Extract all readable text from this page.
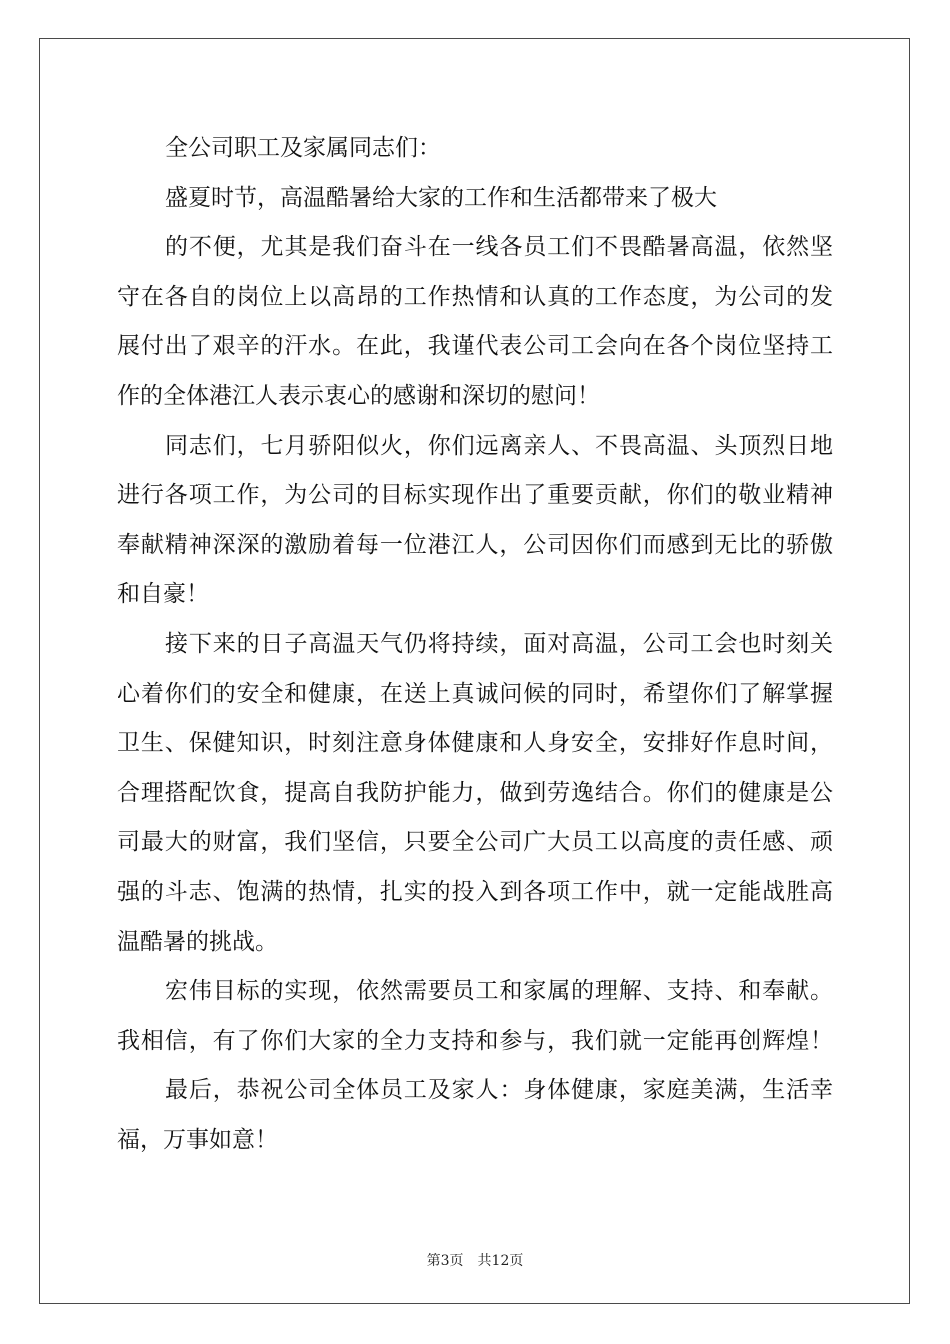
全公司职工及家属同志们：
盛夏时节，高温酷暑给大家的工作和生活都带来了极大
的不便，尤其是我们奋斗在一线各员工们不畏酷暑高温，依然坚
守在各自的岗位上以高昂的工作热情和认真的工作态度，为公司的发
展付出了艰辛的汗水。在此，我谨代表公司工会向在各个岗位坚持工
作的全体港江人表示衷心的感谢和深切的慰问！
同志们，七月骄阳似火，你们远离亲人、不畏高温、头顶烈日地
进行各项工作，为公司的目标实现作出了重要贡献，你们的敬业精神
奉献精神深深的激励着每一位港江人，公司因你们而感到无比的骄傲
和自豪！
接下来的日子高温天气仍将持续，面对高温，公司工会也时刻关
心着你们的安全和健康，在送上真诚问候的同时，希望你们了解掌握
卫生、保健知识，时刻注意身体健康和人身安全，安排好作息时间，
合理搭配饮食，提高自我防护能力，做到劳逸结合。你们的健康是公
司最大的财富，我们坚信，只要全公司广大员工以高度的责任感、顽
强的斗志、饱满的热情，扎实的投入到各项工作中，就一定能战胜高
温酷暑的挑战。
宏伟目标的实现，依然需要员工和家属的理解、支持、和奉献。
我相信，有了你们大家的全力支持和参与，我们就一定能再创辉煌！
最后，恭祝公司全体员工及家人：身体健康，家庭美满，生活幸
福，万事如意！
第3页 共12页
